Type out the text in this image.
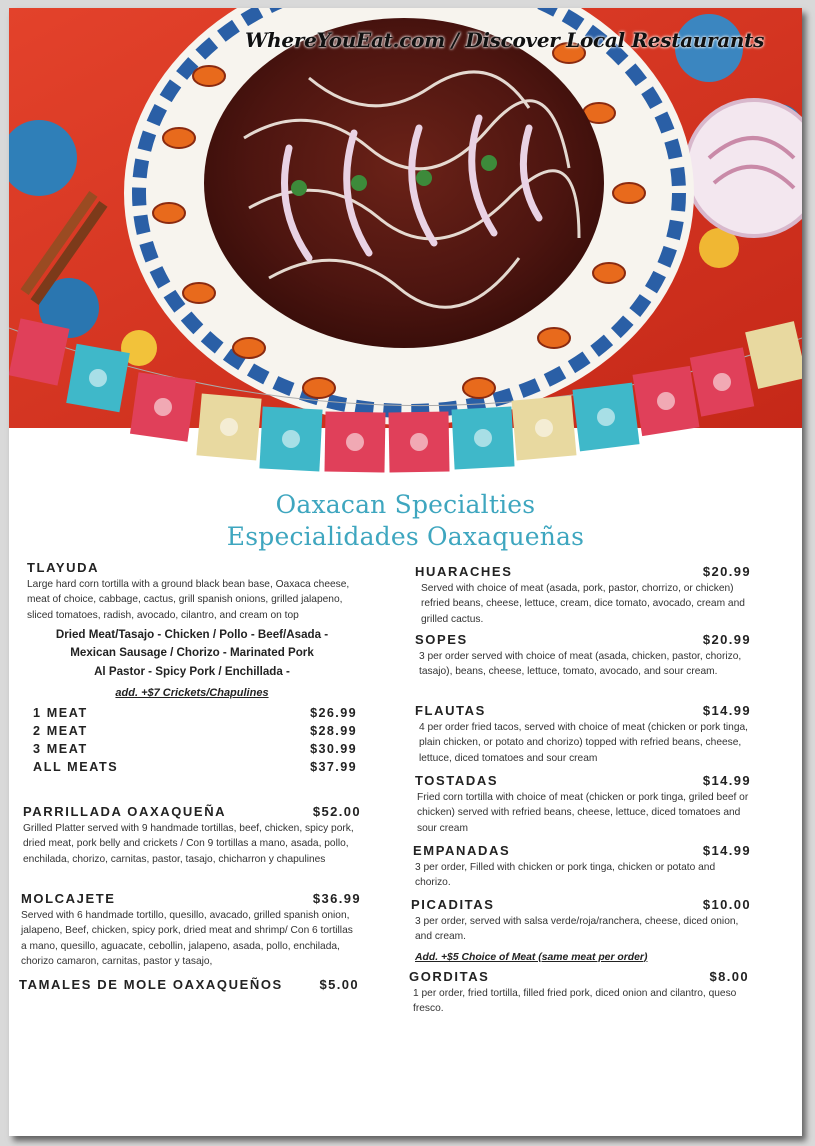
WhereYouEat.com / Discover Local Restaurants
Oaxacan Specialties
Especialidades Oaxaqueñas
TLAYUDA
Large hard corn tortilla with a ground black bean base, Oaxaca cheese, meat of choice, cabbage, cactus, grill spanish onions, grilled jalapeno, sliced tomatoes, radish, avocado, cilantro, and cream on top
Dried Meat/Tasajo - Chicken / Pollo - Beef/Asada -
Mexican Sausage / Chorizo - Marinated Pork
Al Pastor - Spicy Pork / Enchillada -
add. +$7 Crickets/Chapulines
1 MEAT	$26.99
2 MEAT	$28.99
3 MEAT	$30.99
ALL MEATS	$37.99
PARRILLADA OAXAQUEÑA	$52.00
Grilled Platter served with 9 handmade tortillas, beef, chicken, spicy pork, dried meat, pork belly and crickets / Con 9 tortillas a mano, asada, pollo, enchilada, chorizo, carnitas, pastor, tasajo, chicharron y chapulines
MOLCAJETE	$36.99
Served with 6 handmade tortillo, quesillo, avacado, grilled spanish onion, jalapeno, Beef, chicken, spicy pork, dried meat and shrimp/ Con 6 tortillas a mano, quesillo, aguacate, cebollin, jalapeno, asada, pollo, enchilada, chorizo camaron, carnitas, pastor y tasajo,
TAMALES DE MOLE OAXAQUEÑOS	$5.00
HUARACHES	$20.99
Served with choice of meat (asada, pork, pastor, chorrizo, or chicken) refried beans, cheese, lettuce, cream, dice tomato, avocado, cream and grilled cactus.
SOPES	$20.99
3 per order served with choice of meat (asada, chicken, pastor, chorizo, tasajo), beans, cheese, lettuce, tomato, avocado, and sour cream.
FLAUTAS	$14.99
4 per order fried tacos, served with choice of meat (chicken or pork tinga, plain chicken, or potato and chorizo) topped with refried beans, cheese, lettuce, diced tomatoes and sour cream
TOSTADAS	$14.99
Fried corn tortilla with choice of meat (chicken or pork tinga, griled beef or chicken) served with refried beans, cheese, lettuce, diced tomatoes and sour cream
EMPANADAS	$14.99
3 per order, Filled with chicken or pork tinga, chicken or potato and chorizo.
PICADITAS	$10.00
3 per order, served with salsa verde/roja/ranchera, cheese, diced onion, and cream.
Add. +$5 Choice of Meat (same meat per order)
GORDITAS	$8.00
1 per order, fried tortilla, filled fried pork, diced onion and cilantro, queso fresco.
